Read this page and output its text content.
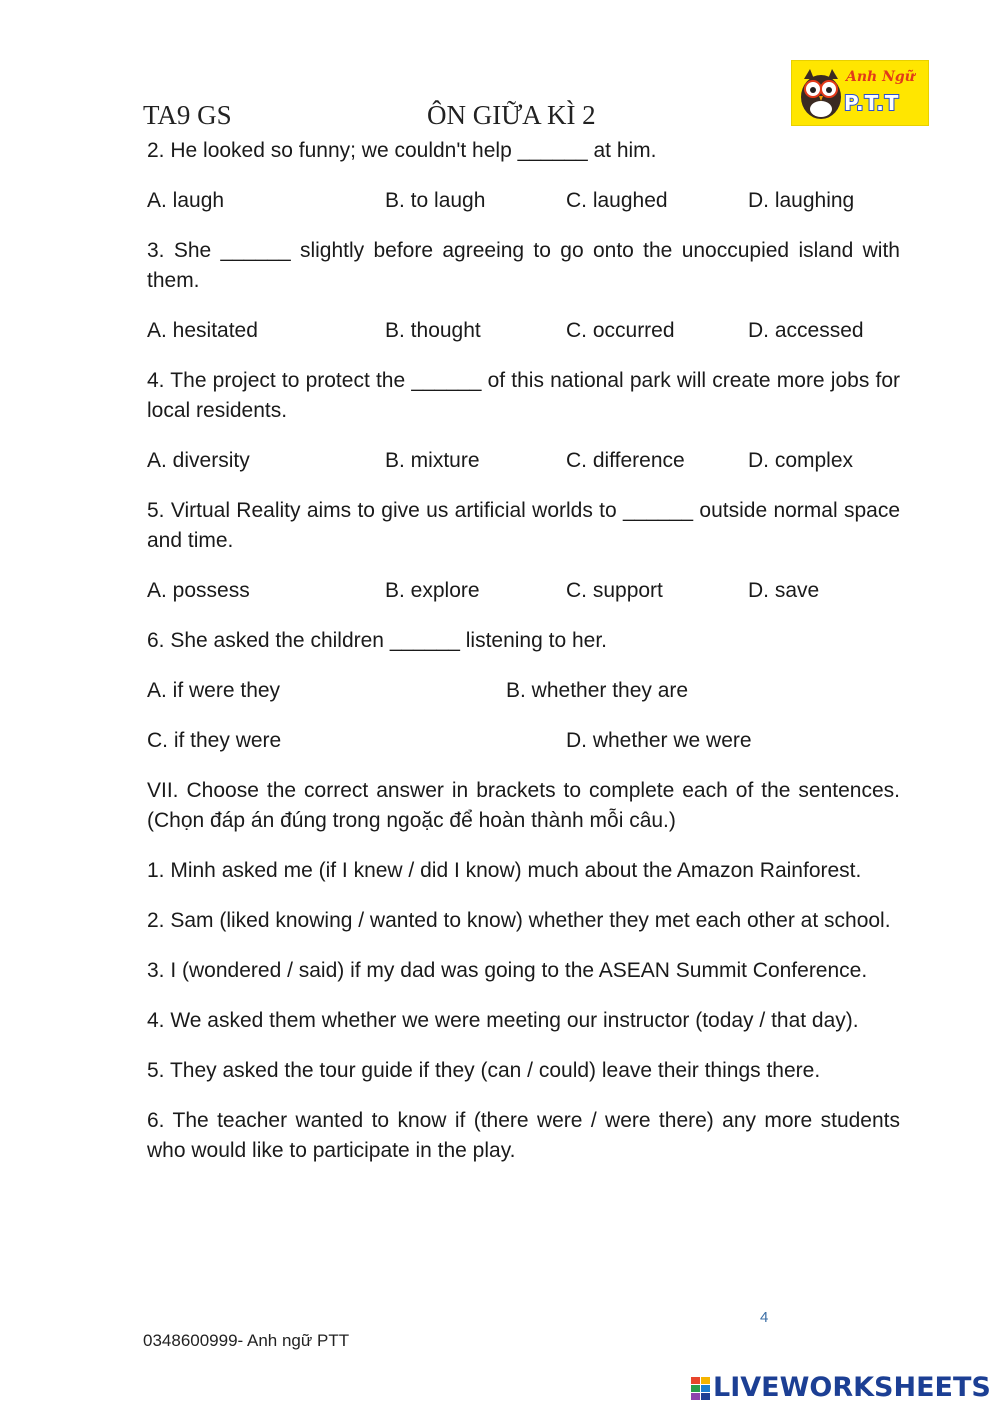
TA9 GS	ÔN GIỮA KÌ 2
Anh Ngữ
P.T.T

2. He looked so funny; we couldn't help ______ at him.

A. laugh	B. to laugh	C. laughed	D. laughing

3. She ______ slightly before agreeing to go onto the unoccupied island with them.

A. hesitated	B. thought	C. occurred	D. accessed

4. The project to protect the ______ of this national park will create more jobs for local residents.

A. diversity	B. mixture	C. difference	D. complex

5. Virtual Reality aims to give us artificial worlds to ______ outside normal space and time.

A. possess	B. explore	C. support	D. save

6. She asked the children ______ listening to her.

A. if were they	B. whether they are
C. if they were	D. whether we were

VII. Choose the correct answer in brackets to complete each of the sentences. (Chọn đáp án đúng trong ngoặc để hoàn thành mỗi câu.)

1. Minh asked me (if I knew / did I know) much about the Amazon Rainforest.

2. Sam (liked knowing / wanted to know) whether they met each other at school.

3. I (wondered / said) if my dad was going to the ASEAN Summit Conference.

4. We asked them whether we were meeting our instructor (today / that day).

5. They asked the tour guide if they (can / could) leave their things there.

6. The teacher wanted to know if (there were / were there) any more students who would like to participate in the play.

4
0348600999- Anh ngữ PTT
LIVEWORKSHEETS
